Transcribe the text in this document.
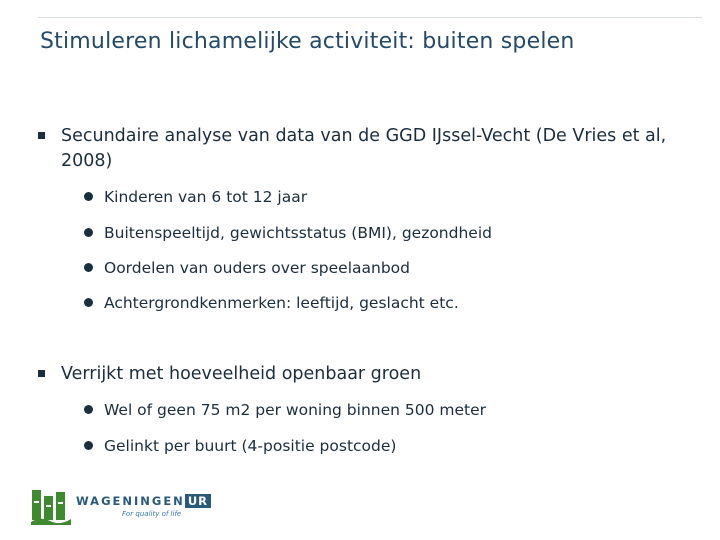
Stimuleren lichamelijke activiteit: buiten spelen
Secundaire analyse van data van de GGD IJssel-Vecht (De Vries et al, 2008)
Kinderen van 6 tot 12 jaar
Buitenspeeltijd, gewichtsstatus (BMI), gezondheid
Oordelen van ouders over speelaanbod
Achtergrondkenmerken: leeftijd, geslacht etc.
Verrijkt met hoeveelheid openbaar groen
Wel of geen 75 m2 per woning binnen 500 meter
Gelinkt per buurt (4-positie postcode)
WAGENINGEN UR
For quality of life
